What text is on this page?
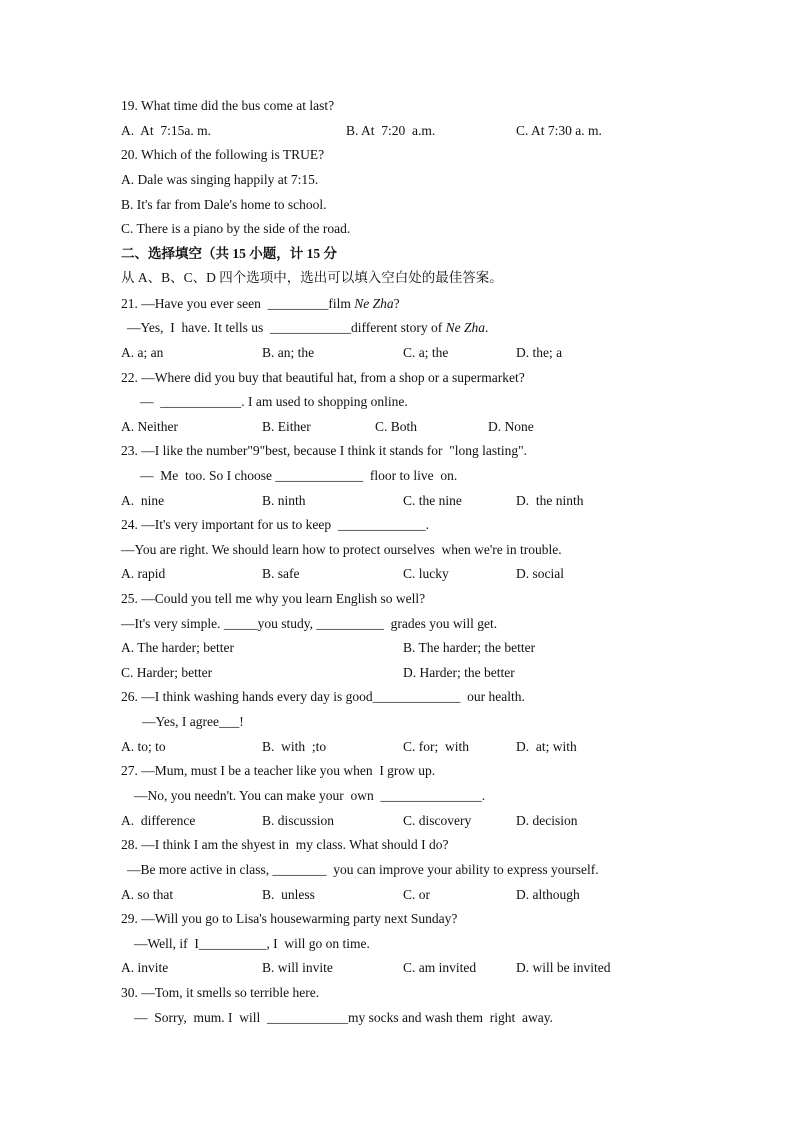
19. What time did the bus come at last?
A.  At  7:15a. m.	B. At  7:20  a.m.	C. At 7:30 a. m.
20. Which of the following is TRUE?
A. Dale was singing happily at 7:15.
B. It's far from Dale's home to school.
C. There is a piano by the side of the road.
二、选择填空（共 15 小题，计 15 分
从 A、B、C、D 四个选项中，选出可以填入空白处的最佳答案。
21. —Have you ever seen  _________film Ne Zha?
—Yes,  I  have. It tells us  ____________different story of Ne Zha.
A. a; an	B. an; the	C. a; the	D. the; a
22. —Where did you buy that beautiful hat, from a shop or a supermarket?
—  ____________. I am used to shopping online.
A. Neither	B. Either	C. Both	D. None
23. —I like the number"9"best, because I think it stands for  "long lasting".
—  Me  too. So I choose _____________  floor to live  on.
A.  nine	B. ninth	C. the nine	D.  the ninth
24. —It's very important for us to keep  _____________.
—You are right. We should learn how to protect ourselves  when we're in trouble.
A. rapid	B. safe	C. lucky	D. social
25. —Could you tell me why you learn English so well?
—It's very simple. _____you study, __________  grades you will get.
A. The harder; better	B. The harder; the better
C. Harder; better	D. Harder; the better
26. —I think washing hands every day is good_____________  our health.
—Yes, I agree___!
A. to; to	B.  with  ;to	C. for;  with	D.  at; with
27. —Mum, must I be a teacher like you when  I grow up.
—No, you needn't. You can make your  own  _______________.
A.  difference	B. discussion	C. discovery	D. decision
28. —I think I am the shyest in  my class. What should I do?
—Be more active in class, ________  you can improve your ability to express yourself.
A. so that	B.  unless	C. or	D. although
29. —Will you go to Lisa's housewarming party next Sunday?
—Well, if  I__________, I  will go on time.
A. invite	B. will invite	C. am invited	D. will be invited
30. —Tom, it smells so terrible here.
—  Sorry,  mum. I  will  ____________my socks and wash them  right  away.
